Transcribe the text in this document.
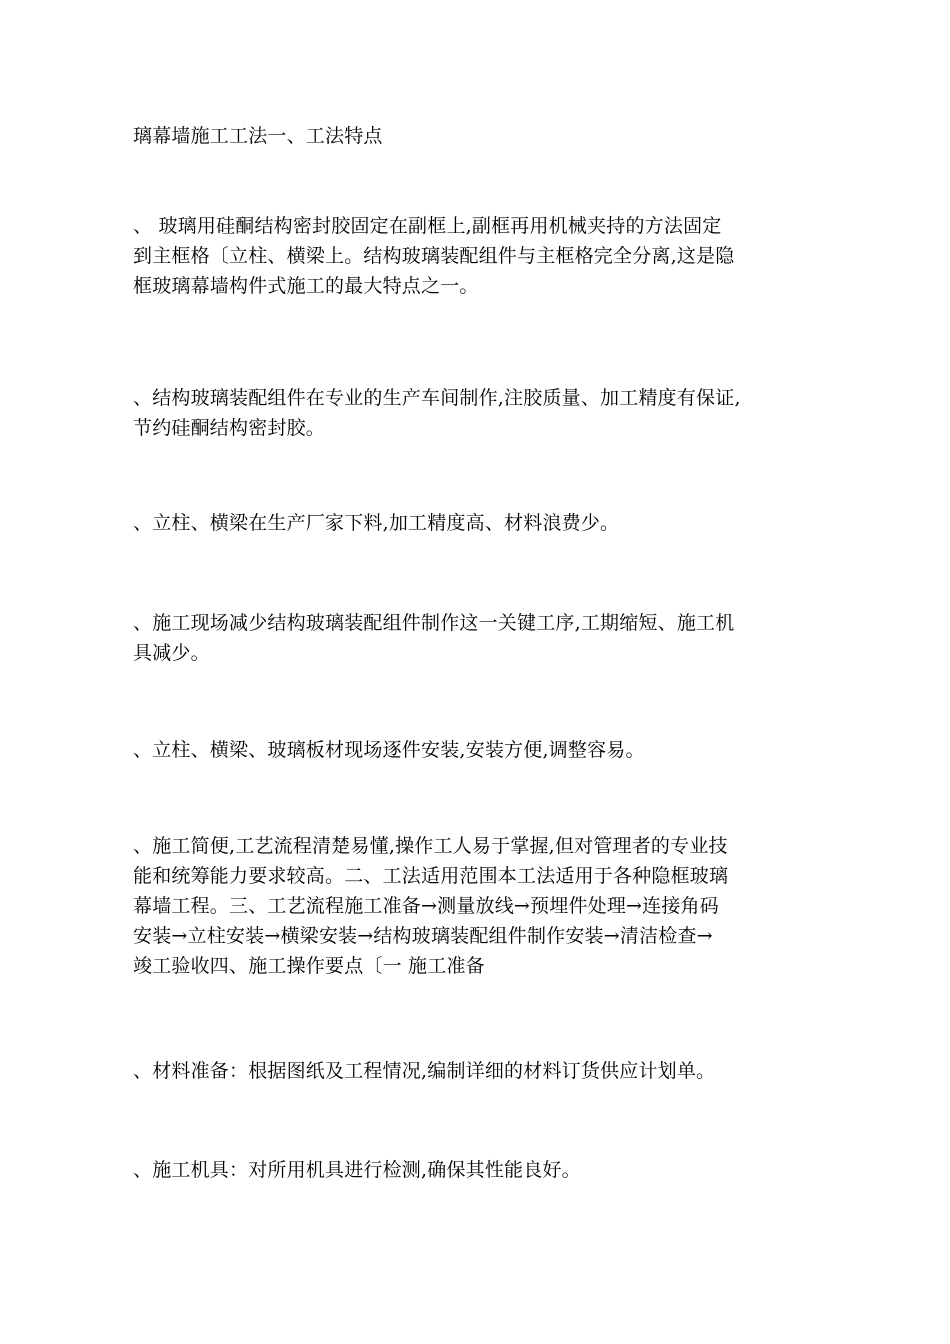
璃幕墙施工工法一、工法特点
、 玻璃用硅酮结构密封胶固定在副框上,副框再用机械夹持的方法固定
到主框格〔立柱、横梁上。结构玻璃装配组件与主框格完全分离,这是隐
框玻璃幕墙构件式施工的最大特点之一。
、结构玻璃装配组件在专业的生产车间制作,注胶质量、加工精度有保证,
节约硅酮结构密封胶。
、立柱、横梁在生产厂家下料,加工精度高、材料浪费少。
、施工现场减少结构玻璃装配组件制作这一关键工序,工期缩短、施工机
具减少。
、立柱、横梁、玻璃板材现场逐件安装,安装方便,调整容易。
、施工简便,工艺流程清楚易懂,操作工人易于掌握,但对管理者的专业技
能和统筹能力要求较高。二、工法适用范围本工法适用于各种隐框玻璃
幕墙工程。三、工艺流程施工准备→测量放线→预埋件处理→连接角码
安装→立柱安装→横梁安装→结构玻璃装配组件制作安装→清洁检查→
竣工验收四、施工操作要点〔一 施工准备
、材料准备：根据图纸及工程情况,编制详细的材料订货供应计划单。
、施工机具：对所用机具进行检测,确保其性能良好。
